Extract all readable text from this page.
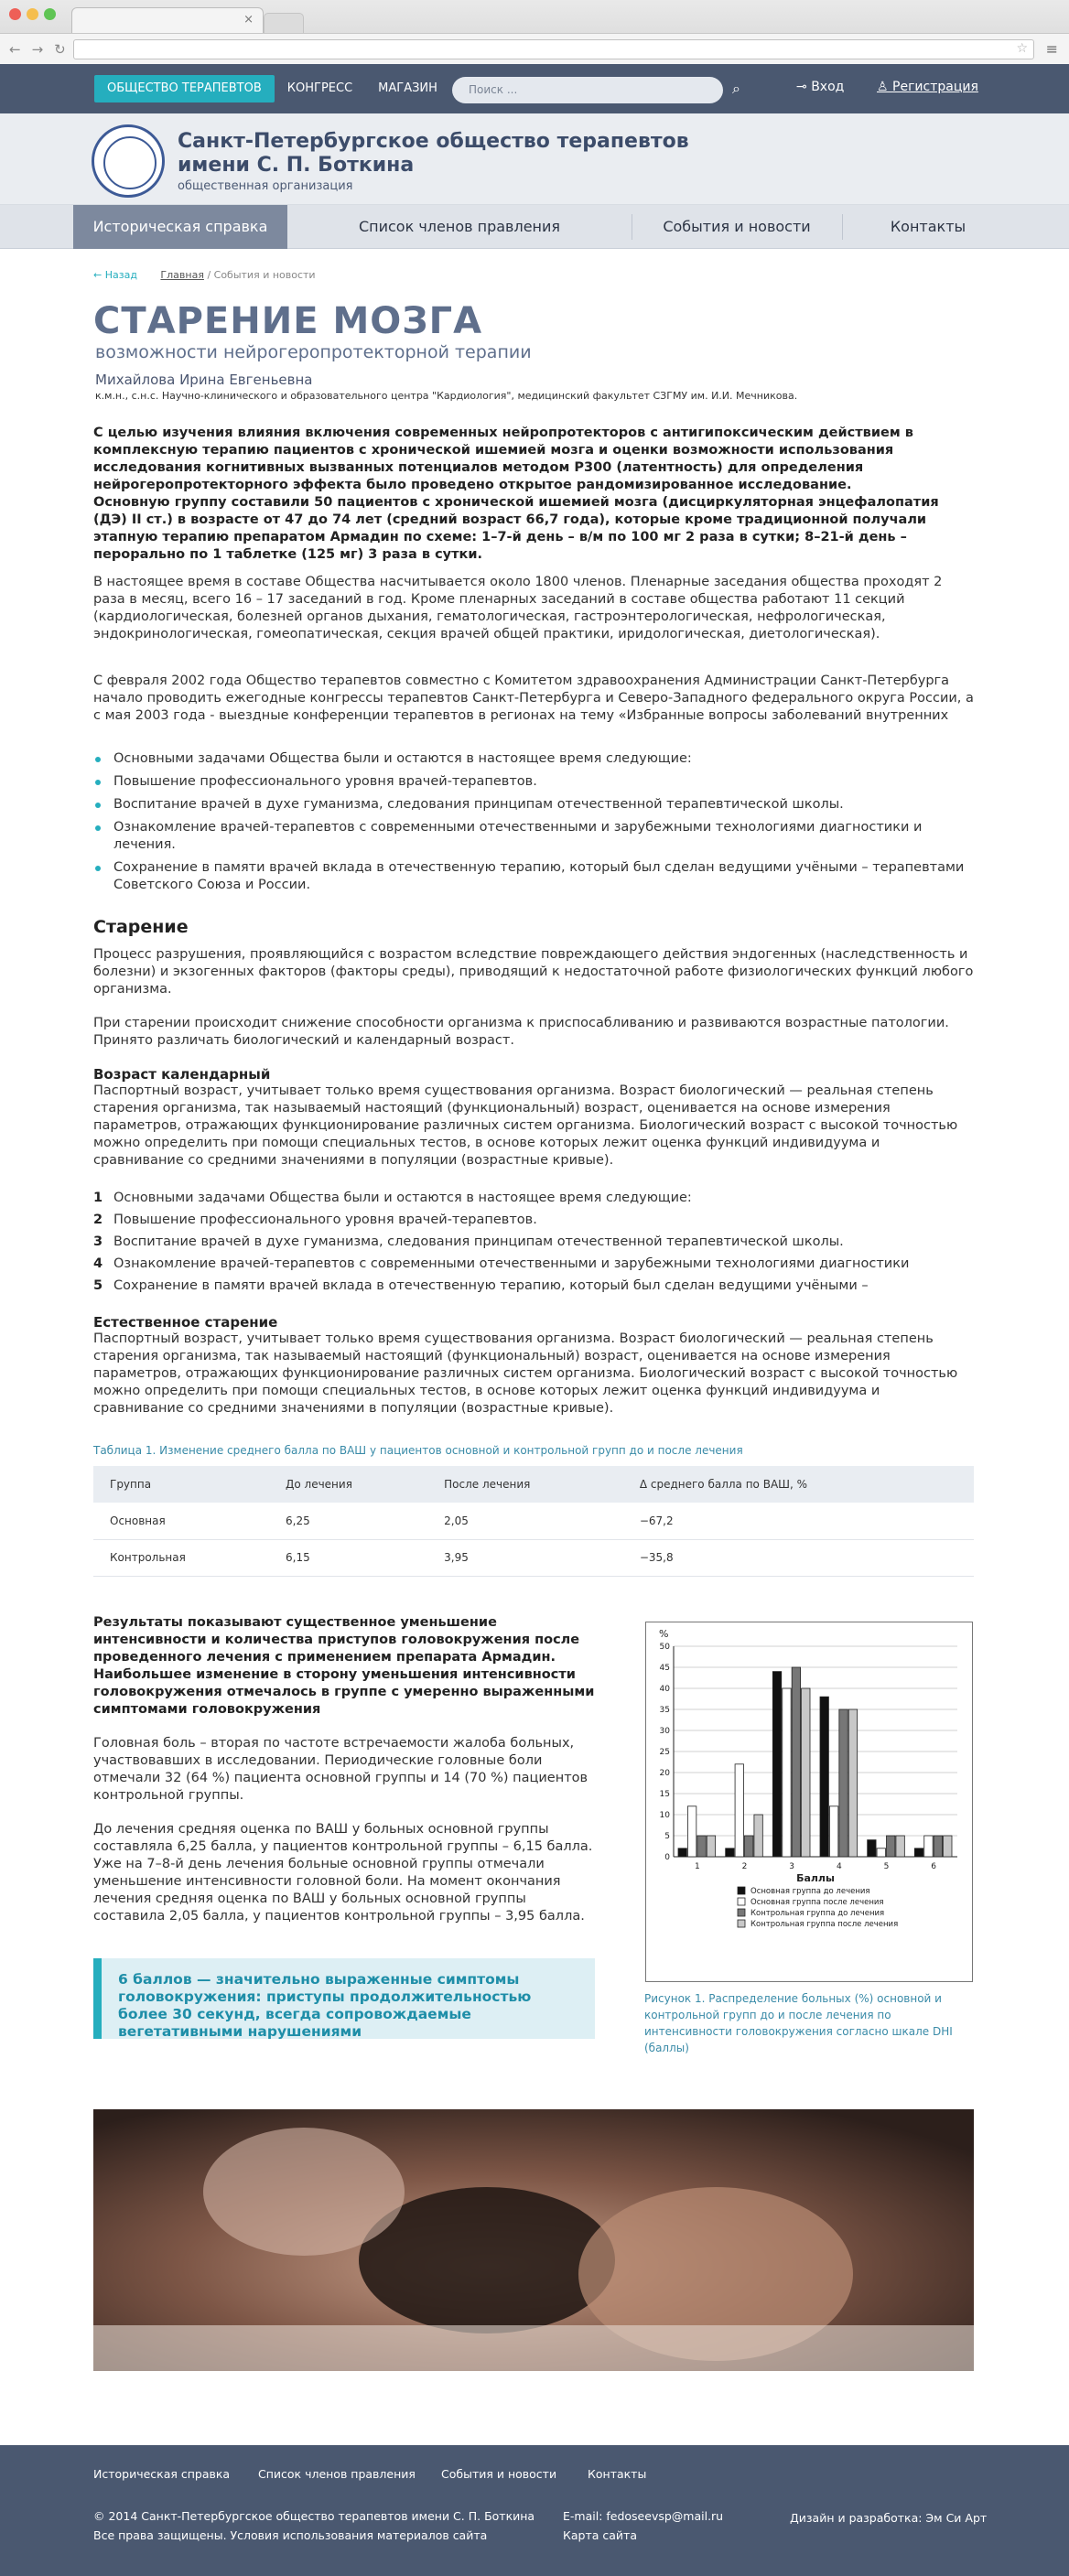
×
← → ↻	☆ ≡
ОБЩЕСТВО ТЕРАПЕВТОВ	КОНГРЕСС	МАГАЗИН	Поиск ...	⌕	⊸ Вход	♙ Регистрация
Санкт-Петербургское общество терапевтов
имени С. П. Боткина
общественная организация
Историческая справка	Список членов правления	События и новости	Контакты
← Назад Главная / События и новости
СТАРЕНИЕ МОЗГА
возможности нейрогеропротекторной терапии
Михайлова Ирина Евгеньевна
к.м.н., с.н.с. Научно-клинического и образовательного центра "Кардиология", медицинский факультет СЗГМУ им. И.И. Мечникова.

С целью изучения влияния включения современных нейропротекторов с антигипоксическим действием в комплексную терапию пациентов с хронической ишемией мозга и оценки возможности использования исследования когнитивных вызванных потенциалов методом Р300 (латентность) для определения нейрогеропротекторного эффекта было проведено открытое рандомизированное исследование.

Основную группу составили 50 пациентов с хронической ишемией мозга (дисциркуляторная энцефалопатия (ДЭ) II ст.) в возрасте от 47 до 74 лет (средний возраст 66,7 года), которые кроме традиционной получали этапную терапию препаратом Армадин по схеме: 1–7-й день – в/м по 100 мг 2 раза в сутки; 8–21-й день – перорально по 1 таблетке (125 мг) 3 раза в сутки.

В настоящее время в составе Общества насчитывается около 1800 членов. Пленарные заседания общества проходят 2 раза в месяц, всего 16 – 17 заседаний в год. Кроме пленарных заседаний в составе общества работают 11 секций (кардиологическая, болезней органов дыхания, гематологическая, гастроэнтерологическая, нефрологическая, эндокринологическая, гомеопатическая, секция врачей общей практики, иридологическая, диетологическая).

С февраля 2002 года Общество терапевтов совместно с Комитетом здравоохранения Администрации Санкт-Петербурга начало проводить ежегодные конгрессы терапевтов Санкт-Петербурга и Северо-Западного федерального округа России, а с мая 2003 года - выездные конференции терапевтов в регионах на тему «Избранные вопросы заболеваний внутренних

Основными задачами Общества были и остаются в настоящее время следующие:
Повышение профессионального уровня врачей-терапевтов.
Воспитание врачей в духе гуманизма, следования принципам отечественной терапевтической школы.
Ознакомление врачей-терапевтов с современными отечественными и зарубежными технологиями диагностики и лечения.
Сохранение в памяти врачей вклада в отечественную терапию, который был сделан ведущими учёными – терапевтами Советского Союза и России.
Старение

Процесс разрушения, проявляющийся с возрастом вследствие повреждающего действия эндогенных (наследственность и болезни) и экзогенных факторов (факторы среды), приводящий к недостаточной работе физиологических функций любого организма.

При старении происходит снижение способности организма к приспосабливанию и развиваются возрастные патологии. Принято различать биологический и календарный возраст.

Возраст календарный

Паспортный возраст, учитывает только время существования организма. Возраст биологический — реальная степень старения организма, так называемый настоящий (функциональный) возраст, оценивается на основе измерения параметров, отражающих функционирование различных систем организма. Биологический возраст с высокой точностью можно определить при помощи специальных тестов, в основе которых лежит оценка функций индивидуума и сравнивание со средними значениями в популяции (возрастные кривые).

1 Основными задачами Общества были и остаются в настоящее время следующие:
2 Повышение профессионального уровня врачей-терапевтов.
3 Воспитание врачей в духе гуманизма, следования принципам отечественной терапевтической школы.
4 Ознакомление врачей-терапевтов с современными отечественными и зарубежными технологиями диагностики
5 Сохранение в памяти врачей вклада в отечественную терапию, который был сделан ведущими учёными –
Естественное старение

Паспортный возраст, учитывает только время существования организма. Возраст биологический — реальная степень старения организма, так называемый настоящий (функциональный) возраст, оценивается на основе измерения параметров, отражающих функционирование различных систем организма. Биологический возраст с высокой точностью можно определить при помощи специальных тестов, в основе которых лежит оценка функций индивидуума и сравнивание со средними значениями в популяции (возрастные кривые).

Таблица 1. Изменение среднего балла по ВАШ у пациентов основной и контрольной групп до и после лечения
Группа	До лечения	После лечения	Δ среднего балла по ВАШ, %
Основная	6,25	2,05	−67,2
Контрольная	6,15	3,95	−35,8

Результаты показывают существенное уменьшение интенсивности и количества приступов головокружения после проведенного лечения с применением препарата Армадин. Наибольшее изменение в сторону уменьшения интенсивности головокружения отмечалось в группе с умеренно выраженными симптомами головокружения

Головная боль – вторая по частоте встречаемости жалоба больных, участвовавших в исследовании. Периодические головные боли отмечали 32 (64 %) пациента основной группы и 14 (70 %) пациентов контрольной группы.

До лечения средняя оценка по ВАШ у больных основной группы составляла 6,25 балла, у пациентов контрольной группы – 6,15 балла. Уже на 7–8-й день лечения больные основной группы отмечали уменьшение интенсивности головной боли. На момент окончания лечения средняя оценка по ВАШ у больных основной группы составила 2,05 балла, у пациентов контрольной группы – 3,95 балла.

6 баллов — значительно выраженные симптомы головокружения: приступы продолжительностью более 30 секунд, всегда сопровождаемые вегетативными нарушениями
%
0
5
10
15
20
25
30
35
40
45
50
1	2	3	4	5	6
Баллы
Основная группа до лечения
Основная группа после лечения
Контрольная группа до лечения
Контрольная группа после лечения
Рисунок 1. Распределение больных (%) основной и контрольной групп до и после лечения по интенсивности головокружения согласно шкале DHI (баллы)
Историческая справка Список членов правления События и новости	Контакты
© 2014 Санкт-Петербургское общество терапевтов имени С. П. Боткина
Все права защищены. Условия использования материалов сайта
E-mail: fedoseevsp@mail.ru
Карта сайта
Дизайн и разработка: Эм Си Арт
